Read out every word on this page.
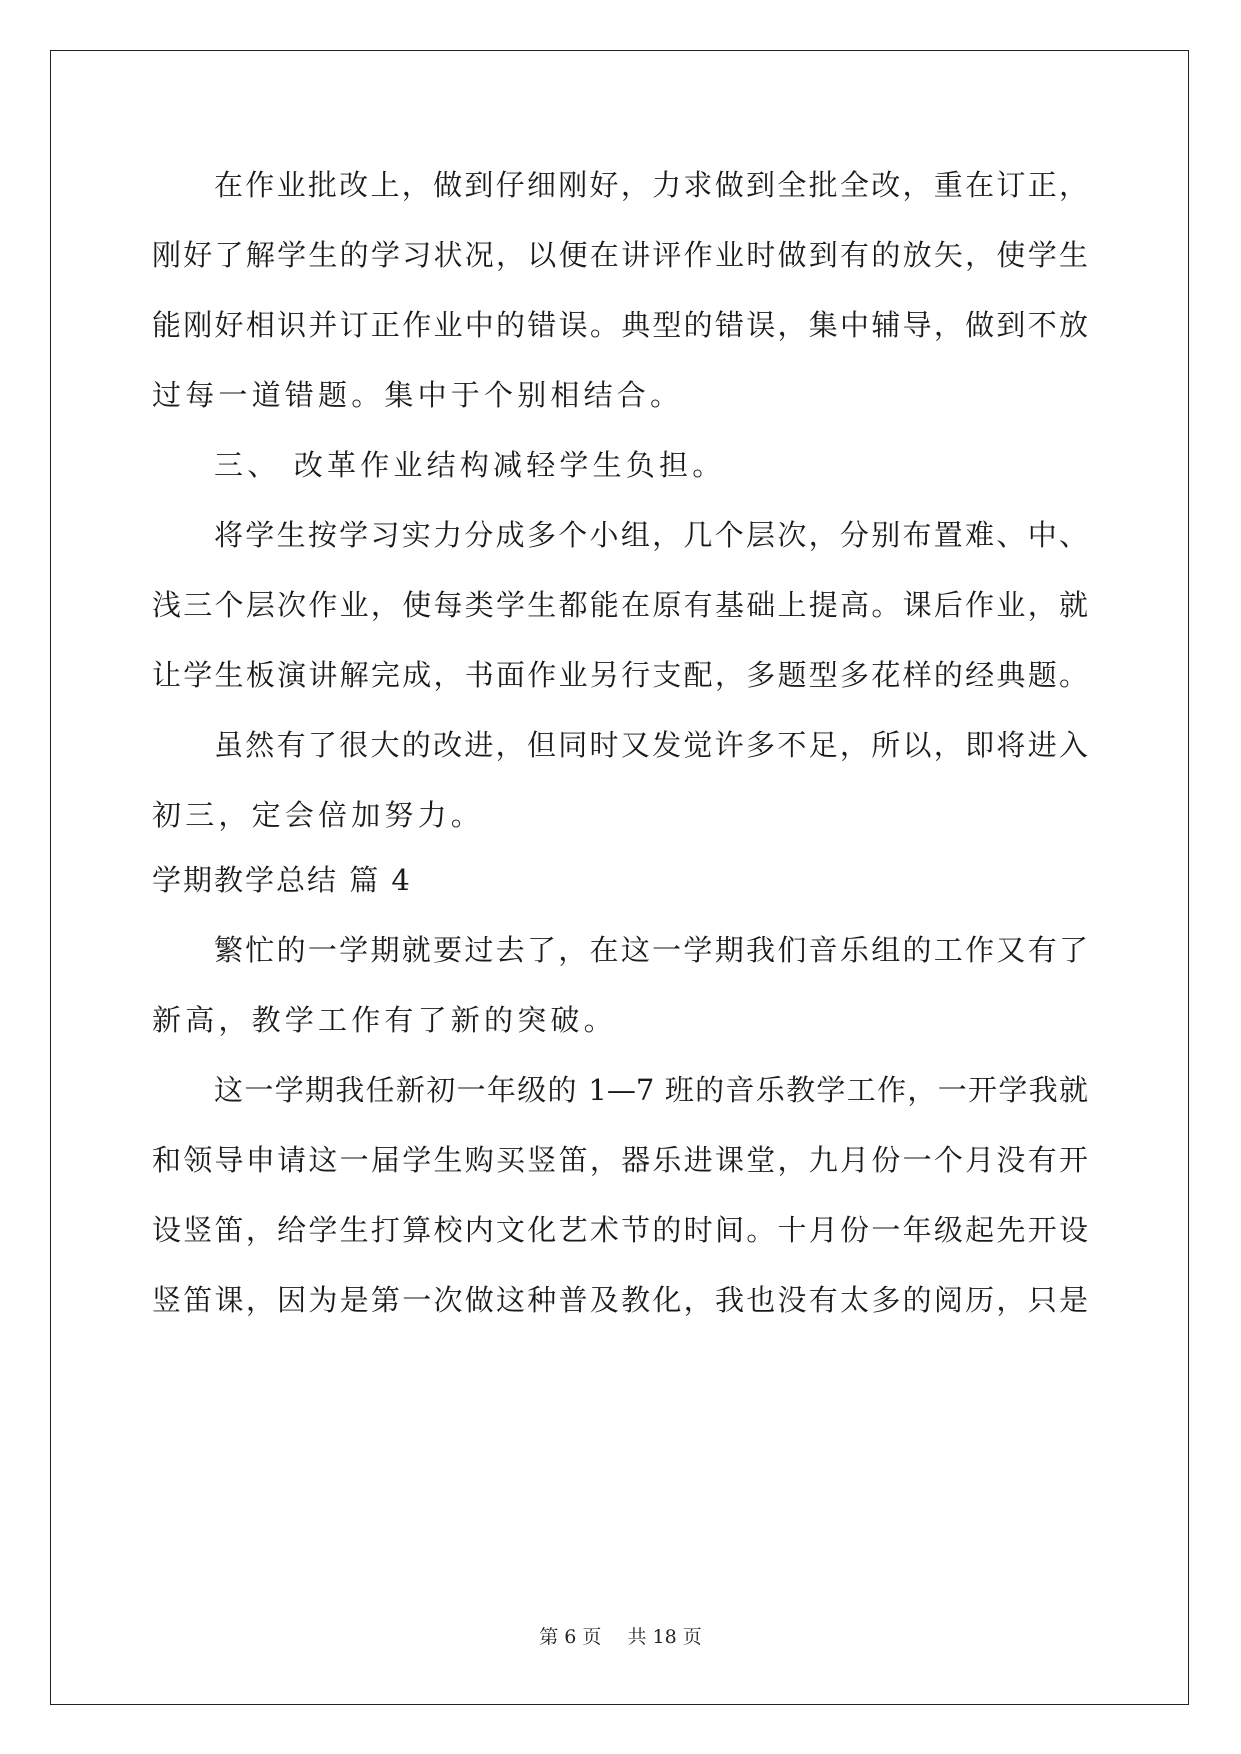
在作业批改上，做到仔细刚好，力求做到全批全改，重在订正，
刚好了解学生的学习状况，以便在讲评作业时做到有的放矢，使学生
能刚好相识并订正作业中的错误。典型的错误，集中辅导，做到不放
过每一道错题。集中于个别相结合。
三、 改革作业结构减轻学生负担。
将学生按学习实力分成多个小组，几个层次，分别布置难、中、
浅三个层次作业，使每类学生都能在原有基础上提高。课后作业，就
让学生板演讲解完成，书面作业另行支配，多题型多花样的经典题。
虽然有了很大的改进，但同时又发觉许多不足，所以，即将进入
初三，定会倍加努力。
学期教学总结 篇 4
繁忙的一学期就要过去了，在这一学期我们音乐组的工作又有了
新高，教学工作有了新的突破。
这一学期我任新初一年级的 1—7 班的音乐教学工作，一开学我就
和领导申请这一届学生购买竖笛，器乐进课堂，九月份一个月没有开
设竖笛，给学生打算校内文化艺术节的时间。十月份一年级起先开设
竖笛课，因为是第一次做这种普及教化，我也没有太多的阅历，只是
第 6 页 共 18 页
